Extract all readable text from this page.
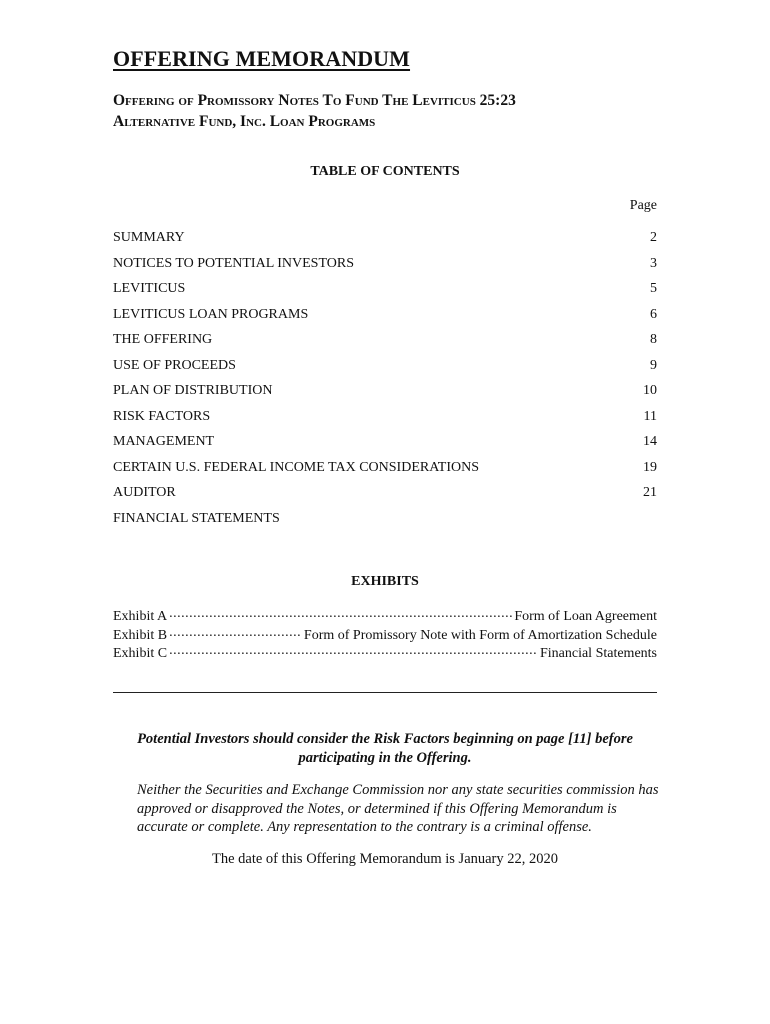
OFFERING MEMORANDUM
Offering of Promissory Notes To Fund The Leviticus 25:23
Alternative Fund, Inc. Loan Programs
TABLE OF CONTENTS
Page
SUMMARY	2
NOTICES TO POTENTIAL INVESTORS	3
LEVITICUS	5
LEVITICUS LOAN PROGRAMS	6
THE OFFERING	8
USE OF PROCEEDS	9
PLAN OF DISTRIBUTION	10
RISK FACTORS	11
MANAGEMENT	14
CERTAIN U.S. FEDERAL INCOME TAX CONSIDERATIONS	19
AUDITOR	21
FINANCIAL STATEMENTS
EXHIBITS
Exhibit A .....	Form of Loan Agreement
Exhibit B .....	Form of Promissory Note with Form of Amortization Schedule
Exhibit C .....	Financial Statements

Potential Investors should consider the Risk Factors beginning on page [11] before participating in the Offering.

Neither the Securities and Exchange Commission nor any state securities commission has approved or disapproved the Notes, or determined if this Offering Memorandum is accurate or complete. Any representation to the contrary is a criminal offense.

The date of this Offering Memorandum is January 22, 2020
